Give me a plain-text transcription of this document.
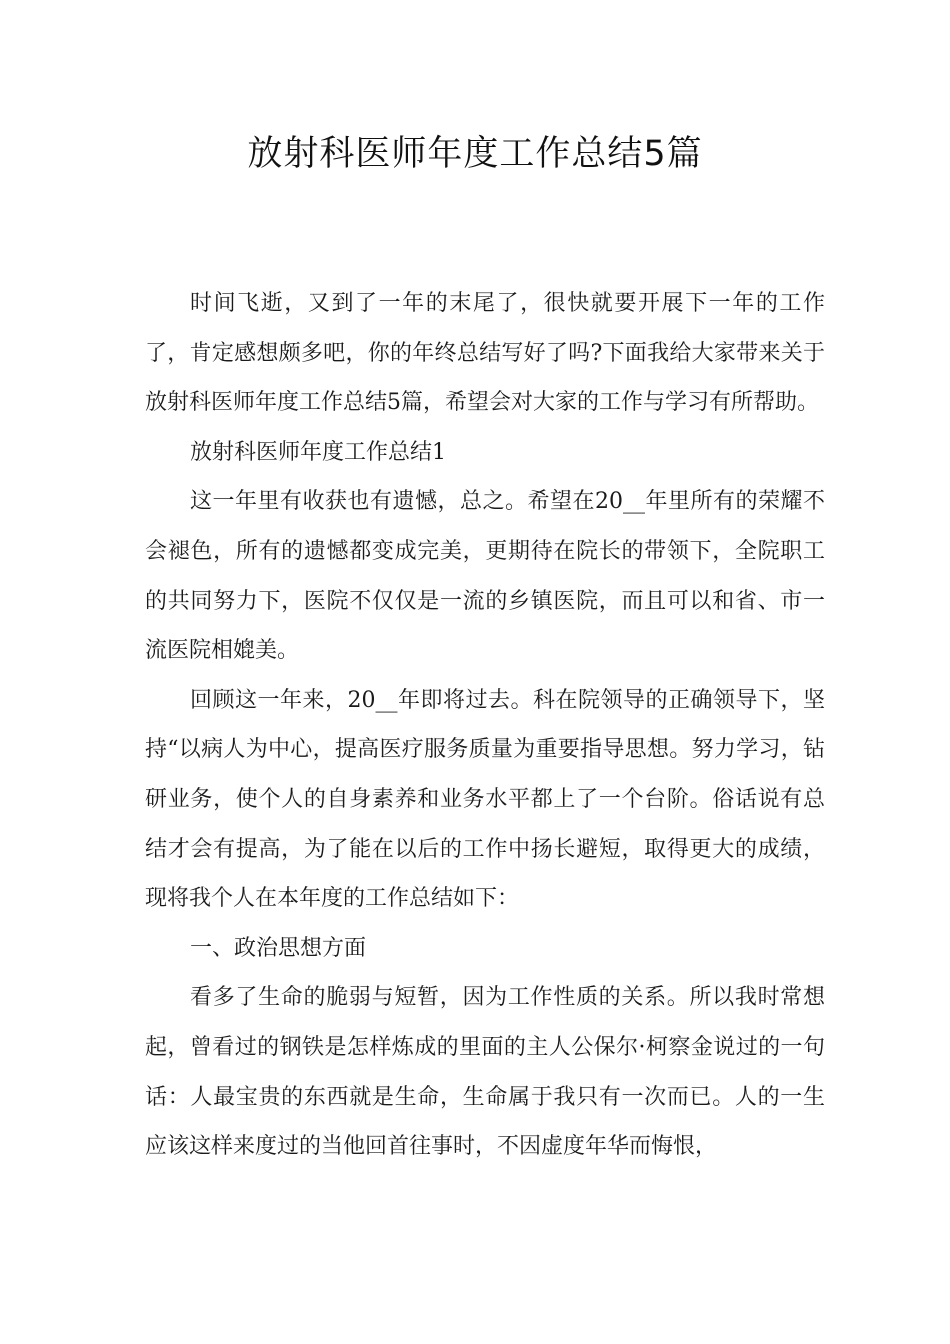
放射科医师年度工作总结5篇

时间飞逝，又到了一年的末尾了，很快就要开展下一年的工作了，肯定感想颇多吧，你的年终总结写好了吗?下面我给大家带来关于放射科医师年度工作总结5篇，希望会对大家的工作与学习有所帮助。

放射科医师年度工作总结1

这一年里有收获也有遗憾，总之。希望在20__年里所有的荣耀不会褪色，所有的遗憾都变成完美，更期待在院长的带领下，全院职工的共同努力下，医院不仅仅是一流的乡镇医院，而且可以和省、市一流医院相媲美。

回顾这一年来，20__年即将过去。科在院领导的正确领导下，坚持“以病人为中心，提高医疗服务质量为重要指导思想。努力学习，钻研业务，使个人的自身素养和业务水平都上了一个台阶。俗话说有总结才会有提高，为了能在以后的工作中扬长避短，取得更大的成绩，现将我个人在本年度的工作总结如下：

一、政治思想方面

看多了生命的脆弱与短暂，因为工作性质的关系。所以我时常想起，曾看过的钢铁是怎样炼成的里面的主人公保尔·柯察金说过的一句话：人最宝贵的东西就是生命，生命属于我只有一次而已。人的一生应该这样来度过的当他回首往事时，不因虚度年华而悔恨，
